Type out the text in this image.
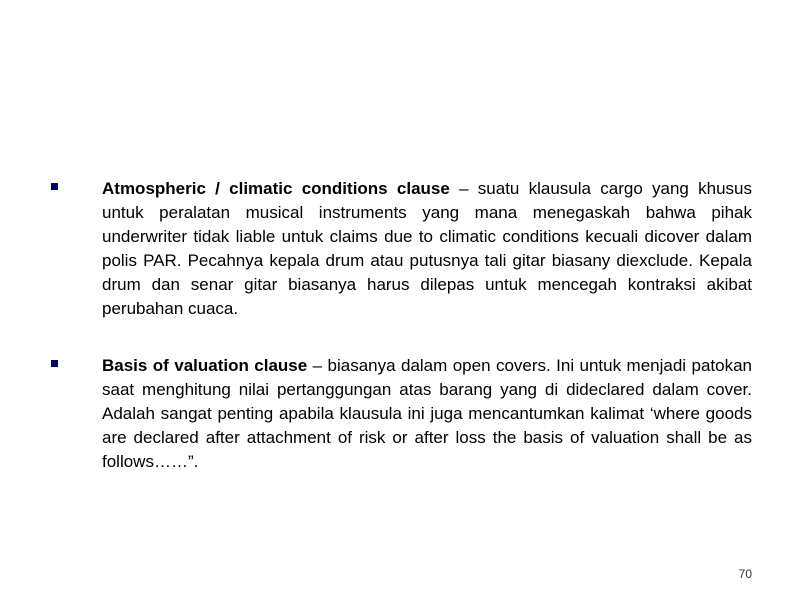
Atmospheric / climatic conditions clause – suatu klausula cargo yang khusus untuk peralatan musical instruments yang mana menegaskah bahwa pihak underwriter tidak liable untuk claims due to climatic conditions kecuali dicover dalam polis PAR. Pecahnya kepala drum atau putusnya tali gitar biasany diexclude. Kepala drum dan senar gitar biasanya harus dilepas untuk mencegah kontraksi akibat perubahan cuaca.

Basis of valuation clause – biasanya dalam open covers. Ini untuk menjadi patokan saat menghitung nilai pertanggungan atas barang yang di dideclared dalam cover. Adalah sangat penting apabila klausula ini juga mencantumkan kalimat ‘where goods are declared after attachment of risk or after loss the basis of valuation shall be as follows……”.

70
